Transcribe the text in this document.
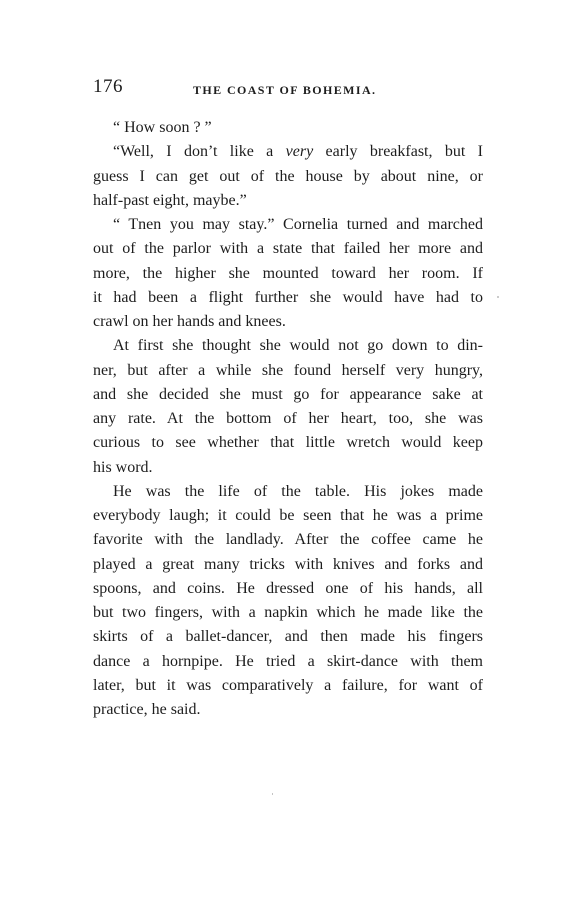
176	THE COAST OF BOHEMIA.
“ How soon ? ”
“Well, I don’t like a very early breakfast, but I
guess I can get out of the house by about nine, or
half-past eight, maybe.”
“ Tnen you may stay.” Cornelia turned and marched
out of the parlor with a state that failed her more and
more, the higher she mounted toward her room. If
it had been a flight further she would have had to
crawl on her hands and knees.
At first she thought she would not go down to din-
ner, but after a while she found herself very hungry,
and she decided she must go for appearance sake at
any rate. At the bottom of her heart, too, she was
curious to see whether that little wretch would keep
his word.
He was the life of the table. His jokes made
everybody laugh; it could be seen that he was a prime
favorite with the landlady. After the coffee came he
played a great many tricks with knives and forks and
spoons, and coins. He dressed one of his hands, all
but two fingers, with a napkin which he made like the
skirts of a ballet-dancer, and then made his fingers
dance a hornpipe. He tried a skirt-dance with them
later, but it was comparatively a failure, for want of
practice, he said.
